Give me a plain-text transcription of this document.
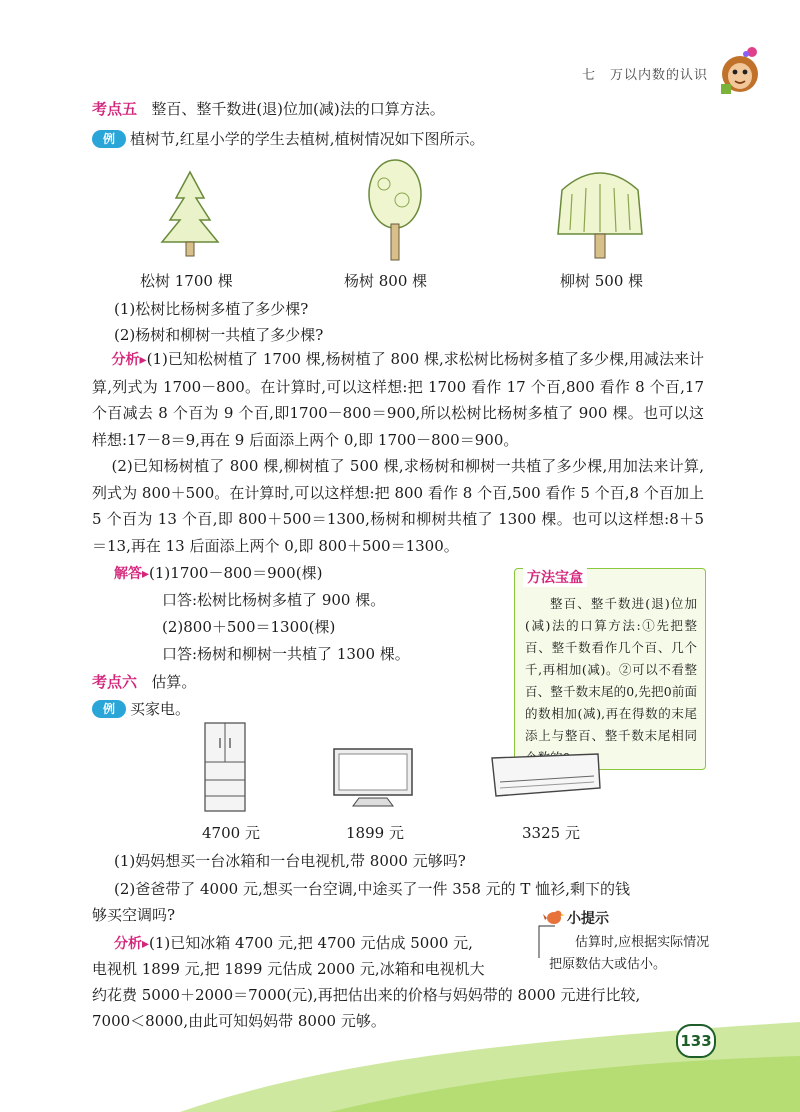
七　万以内数的认识
考点五 整百、整千数进(退)位加(减)法的口算方法。
例 植树节,红星小学的学生去植树,植树情况如下图所示。
松树 1700 棵	杨树 800 棵	柳树 500 棵
(1)松树比杨树多植了多少棵?
(2)杨树和柳树一共植了多少棵?

分析▸(1)已知松树植了 1700 棵,杨树植了 800 棵,求松树比杨树多植了多少棵,用减法来计算,列式为 1700－800。在计算时,可以这样想:把 1700 看作 17 个百,800 看作 8 个百,17 个百减去 8 个百为 9 个百,即1700－800＝900,所以松树比杨树多植了 900 棵。也可以这样想:17－8＝9,再在 9 后面添上两个 0,即 1700－800＝900。

(2)已知杨树植了 800 棵,柳树植了 500 棵,求杨树和柳树一共植了多少棵,用加法来计算,列式为 800＋500。在计算时,可以这样想:把 800 看作 8 个百,500 看作 5 个百,8 个百加上 5 个百为 13 个百,即 800＋500＝1300,杨树和柳树共植了 1300 棵。也可以这样想:8＋5＝13,再在 13 后面添上两个 0,即 800＋500＝1300。

解答▸(1)1700－800＝900(棵)
口答:松树比杨树多植了 900 棵。
(2)800＋500＝1300(棵)
口答:杨树和柳树一共植了 1300 棵。
方法宝盒
整百、整千数进(退)位加(减)法的口算方法:①先把整百、整千数看作几个百、几个千,再相加(减)。②可以不看整百、整千数末尾的0,先把0前面的数相加(减),再在得数的末尾添上与整百、整千数末尾相同
考点六 估算。
例 买家电。
4700 元	1899 元	3325 元
(1)妈妈想买一台冰箱和一台电视机,带 8000 元够吗?
(2)爸爸带了 4000 元,想买一台空调,中途买了一件 358 元的 T 恤衫,剩下的钱
够买空调吗?	小提示
估算时,应根据实际情况把原数估大或估小。
分析▸(1)已知冰箱 4700 元,把 4700 元估成 5000 元,
电视机 1899 元,把 1899 元估成 2000 元,冰箱和电视机大
约花费 5000＋2000＝7000(元),再把估出来的价格与妈妈带的 8000 元进行比较,
7000＜8000,由此可知妈妈带 8000 元够。
133
